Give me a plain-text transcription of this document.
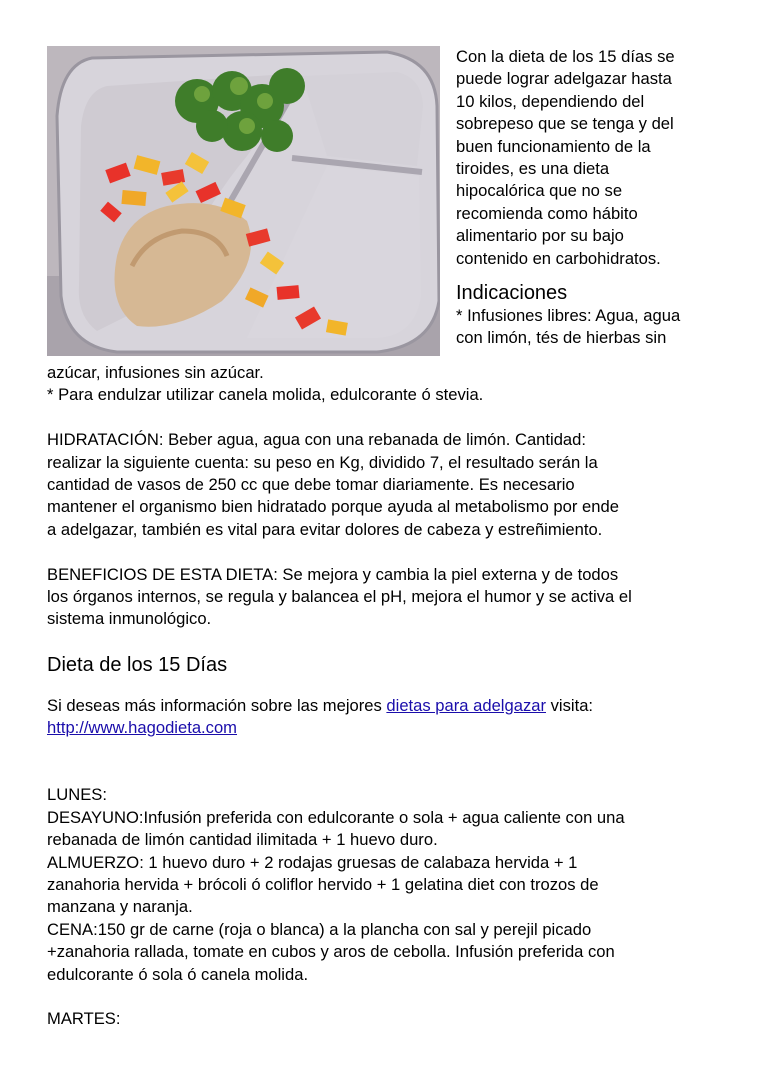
Con la dieta de los 15 días se

puede lograr adelgazar hasta

10 kilos, dependiendo del

sobrepeso que se tenga y del

buen funcionamiento de la

tiroides, es una dieta

hipocalórica que no se

recomienda como hábito

alimentario por su bajo

contenido en carbohidratos.

Indicaciones

* Infusiones libres: Agua, agua

con limón, tés de hierbas sin

azúcar, infusiones sin azúcar.

* Para endulzar utilizar canela molida, edulcorante ó stevia.

HIDRATACIÓN: Beber agua, agua con una rebanada de limón. Cantidad:

realizar la siguiente cuenta: su peso en Kg, dividido 7, el resultado serán la

cantidad de vasos de 250 cc que debe tomar diariamente. Es necesario

mantener el organismo bien hidratado porque ayuda al metabolismo por ende

a adelgazar, también es vital para evitar dolores de cabeza y estreñimiento.

BENEFICIOS DE ESTA DIETA: Se mejora y cambia la piel externa y de todos

los órganos internos, se regula y balancea el pH, mejora el humor y se activa el

sistema inmunológico.

Dieta de los 15 Días

Si deseas más información sobre las mejores dietas para adelgazar visita:

http://www.hagodieta.com

LUNES:

DESAYUNO:Infusión preferida con edulcorante o sola + agua caliente con una

rebanada de limón cantidad ilimitada + 1 huevo duro.

ALMUERZO: 1 huevo duro + 2 rodajas gruesas de calabaza hervida + 1

zanahoria hervida + brócoli ó coliflor hervido + 1 gelatina diet con trozos de

manzana y naranja.

CENA:150 gr de carne (roja o blanca) a la plancha con sal y perejil picado

+zanahoria rallada, tomate en cubos y aros de cebolla. Infusión preferida con

edulcorante ó sola ó canela molida.

MARTES:
